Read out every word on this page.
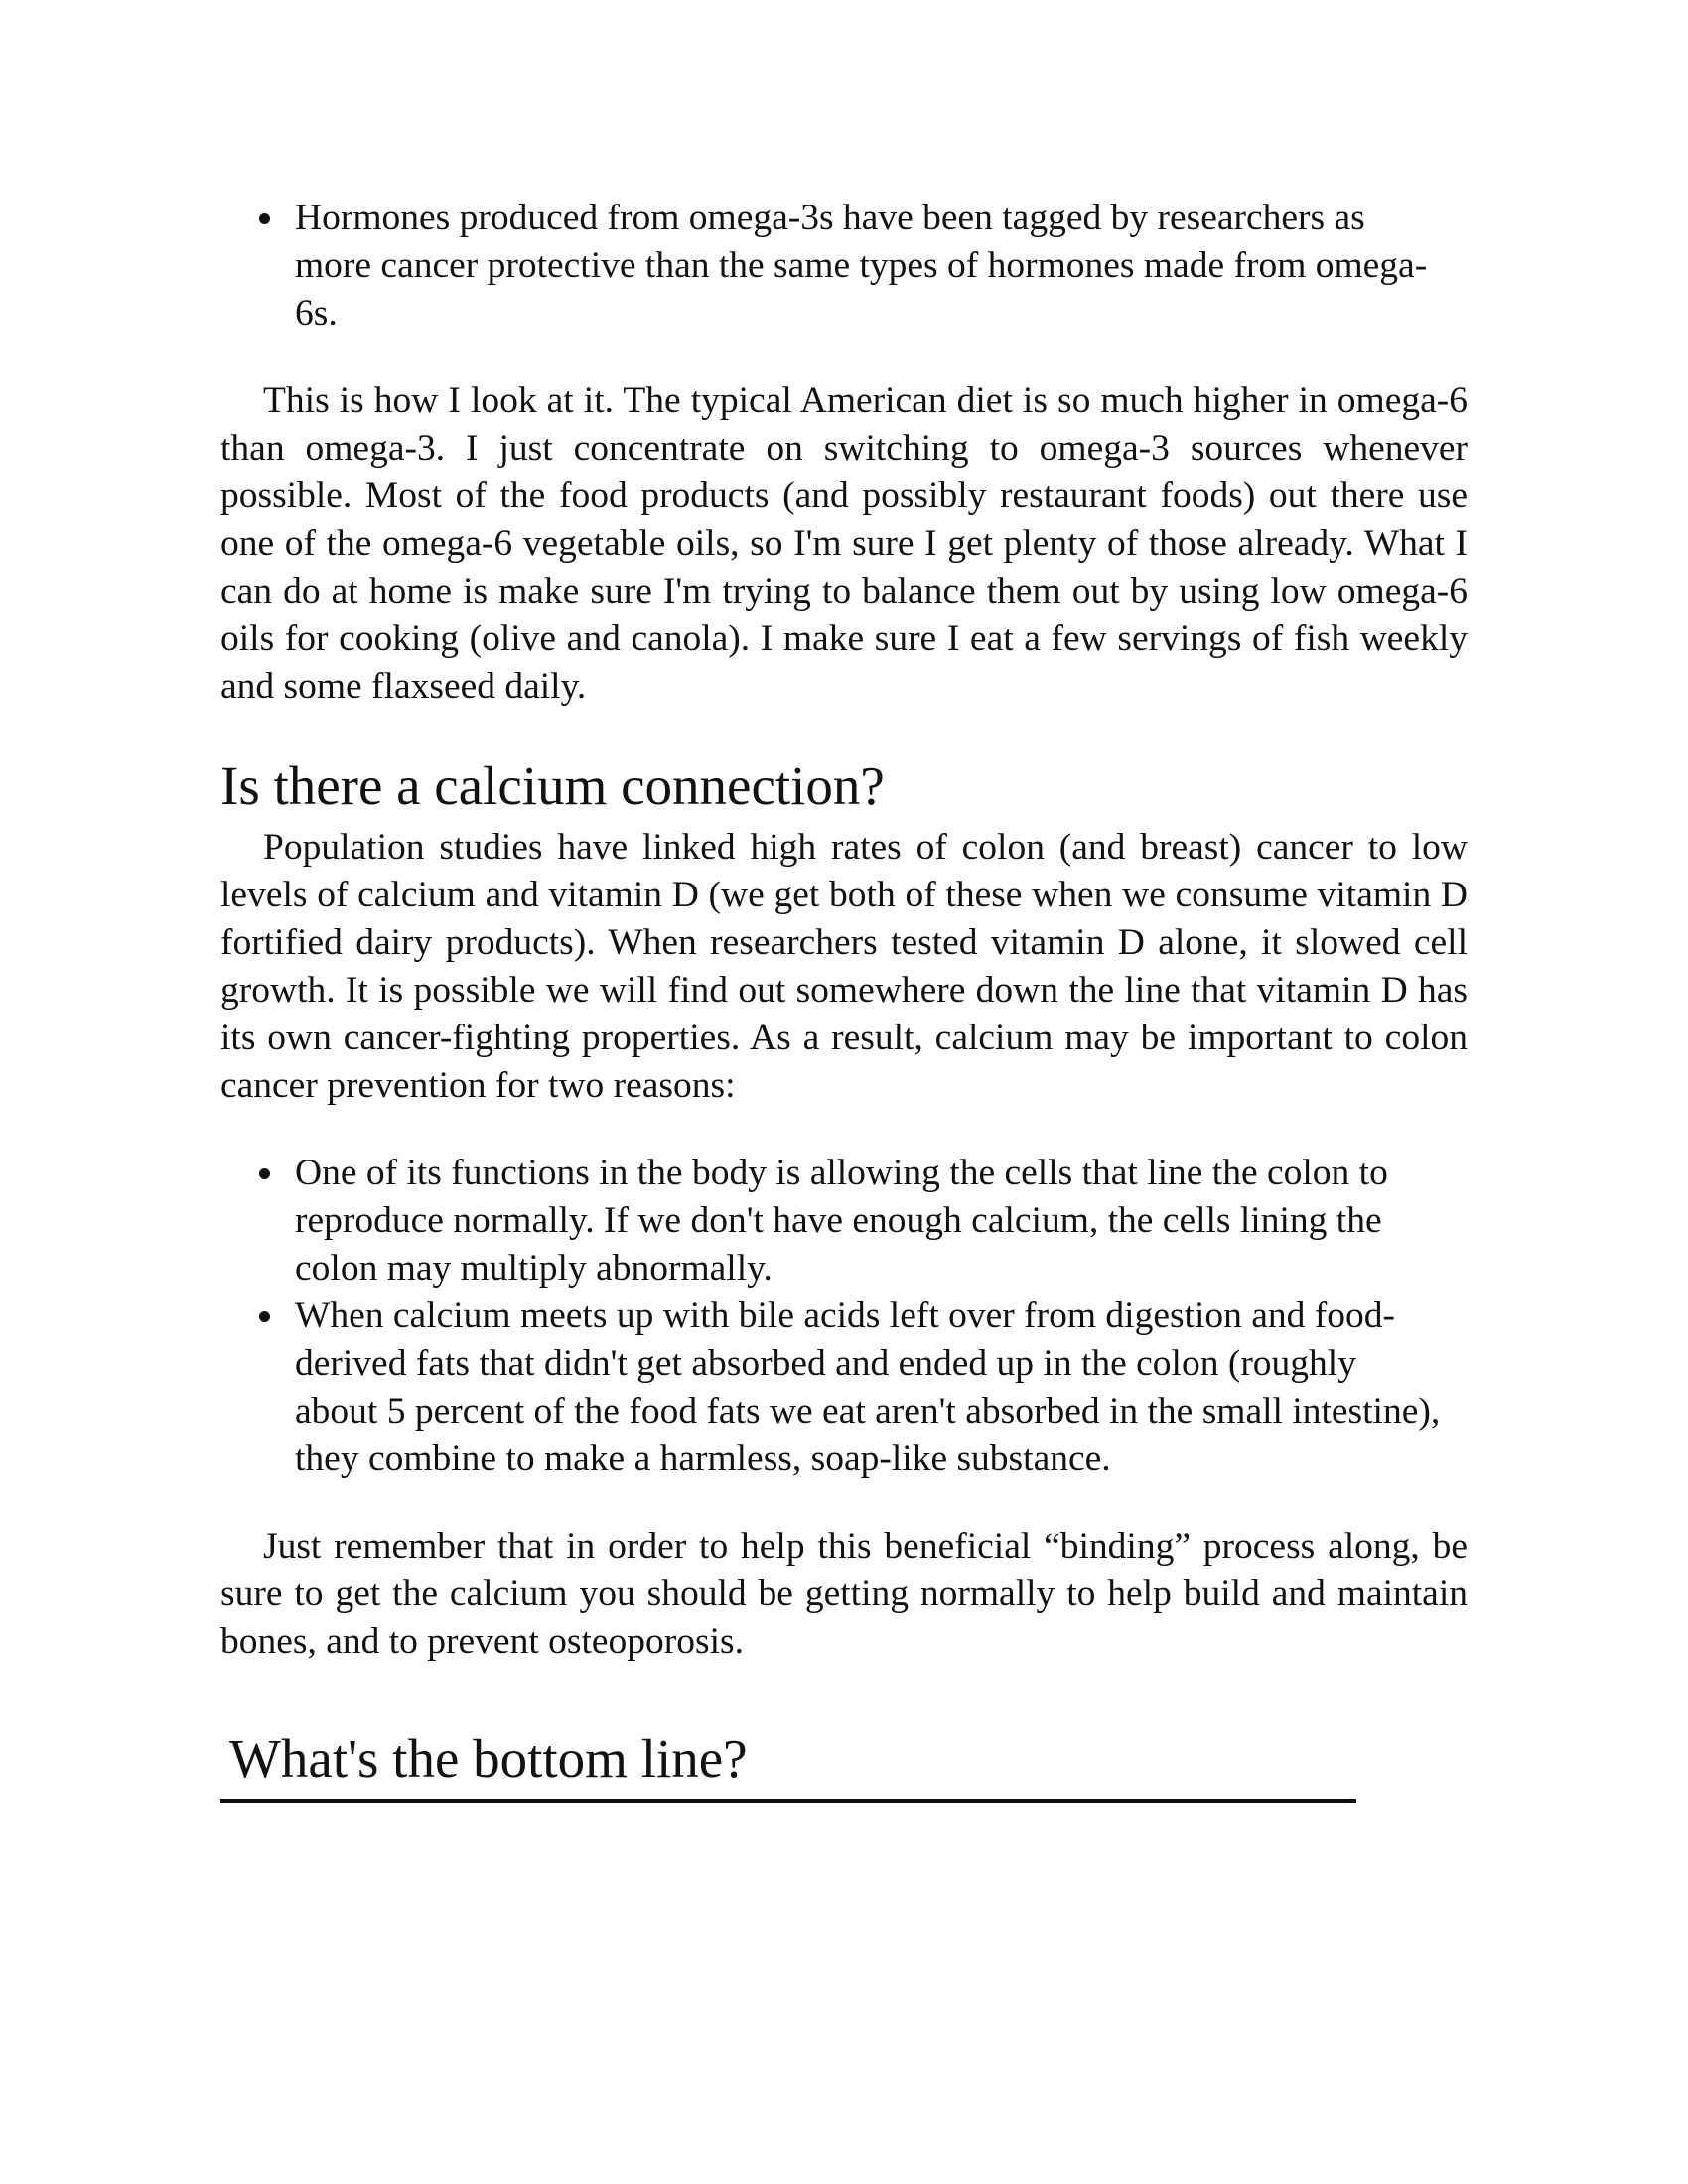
Hormones produced from omega-3s have been tagged by researchers as more cancer protective than the same types of hormones made from omega-6s.

This is how I look at it. The typical American diet is so much higher in omega-6 than omega-3. I just concentrate on switching to omega-3 sources whenever possible. Most of the food products (and possibly restaurant foods) out there use one of the omega-6 vegetable oils, so I'm sure I get plenty of those already. What I can do at home is make sure I'm trying to balance them out by using low omega-6 oils for cooking (olive and canola). I make sure I eat a few servings of fish weekly and some flaxseed daily.

Is there a calcium connection?

Population studies have linked high rates of colon (and breast) cancer to low levels of calcium and vitamin D (we get both of these when we consume vitamin D fortified dairy products). When researchers tested vitamin D alone, it slowed cell growth. It is possible we will find out somewhere down the line that vitamin D has its own cancer-fighting properties. As a result, calcium may be important to colon cancer prevention for two reasons:

One of its functions in the body is allowing the cells that line the colon to reproduce normally. If we don't have enough calcium, the cells lining the colon may multiply abnormally.
When calcium meets up with bile acids left over from digestion and food-derived fats that didn't get absorbed and ended up in the colon (roughly about 5 percent of the food fats we eat aren't absorbed in the small intestine), they combine to make a harmless, soap-like substance.

Just remember that in order to help this beneficial “binding” process along, be sure to get the calcium you should be getting normally to help build and maintain bones, and to prevent osteoporosis.

What's the bottom line?
